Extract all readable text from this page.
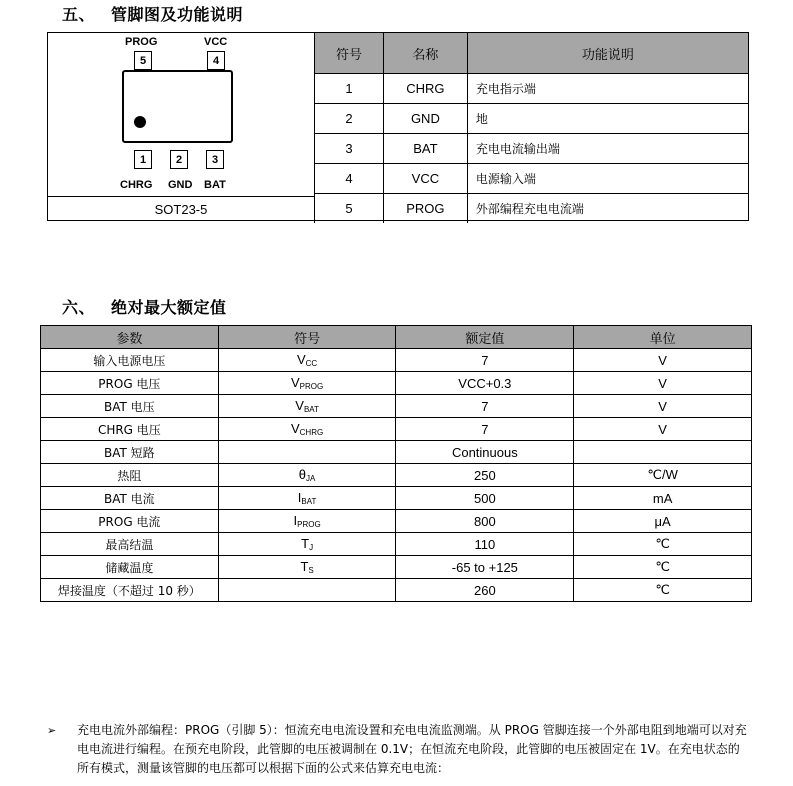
五、 管脚图及功能说明
PROG	VCC
5	4
1	2	3
CHRG GND BAT
SOT23-5
符号	名称	功能说明
1	CHRG	充电指示端
2	GND	地
3	BAT	充电电流输出端
4	VCC	电源输入端
5	PROG	外部编程充电电流端
六、 绝对最大额定值
参数	符号	额定值	单位
输入电源电压	$V_{CC}$	7	V
PROG 电压	$V_{PROG}$	VCC+0.3	V
BAT 电压	$V_{BAT}$	7	V
CHRG 电压	$V_{CHRG}$	7	V
BAT 短路		Continuous	
热阻	$\theta_{JA}$	250	℃/W
BAT 电流	$I_{BAT}$	500	mA
PROG 电流	$I_{PROG}$	800	μA
最高结温	$T_J$	110	℃
储藏温度	$T_S$	-65 to +125	℃
焊接温度（不超过 10 秒）		260	℃
➢ 充电电流外部编程：PROG（引脚 5）：恒流充电电流设置和充电电流监测端。从 PROG 管脚连接一个外部电阻到地端可以对充电电流进行编程。在预充电阶段，此管脚的电压被调制在 0.1V；在恒流充电阶段，此管脚的电压被固定在 1V。在充电状态的所有模式，测量该管脚的电压都可以根据下面的公式来估算充电电流：
